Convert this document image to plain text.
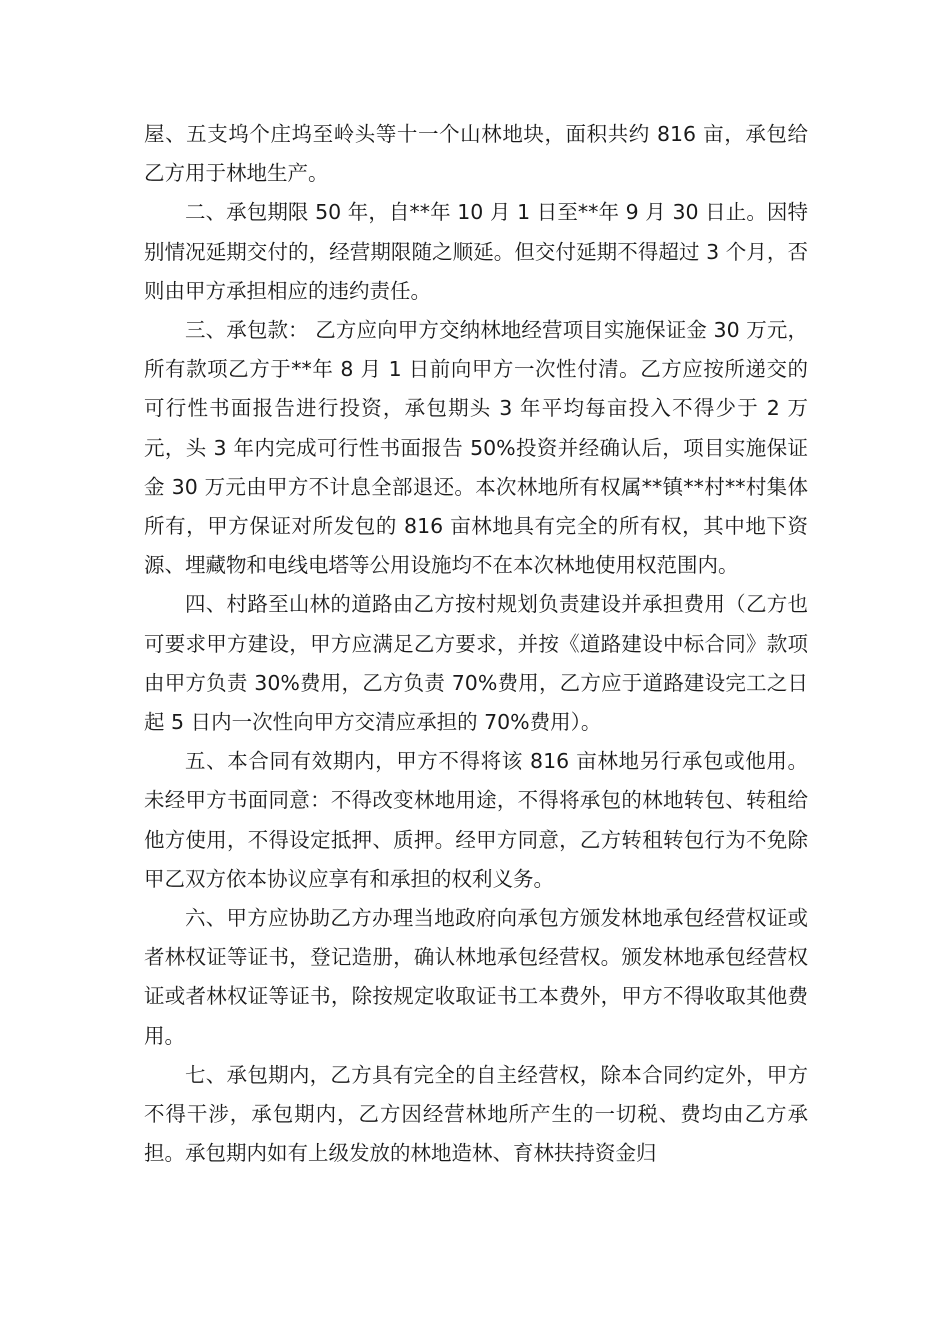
屋、五支坞个庄坞至岭头等十一个山林地块，面积共约 816 亩，承包给乙方用于林地生产。

二、承包期限 50 年，自**年 10 月 1 日至**年 9 月 30 日止。因特别情况延期交付的，经营期限随之顺延。但交付延期不得超过 3 个月，否则由甲方承担相应的违约责任。

三、承包款： 乙方应向甲方交纳林地经营项目实施保证金 30 万元，所有款项乙方于**年 8 月 1 日前向甲方一次性付清。乙方应按所递交的可行性书面报告进行投资，承包期头 3 年平均每亩投入不得少于 2 万元，头 3 年内完成可行性书面报告 50%投资并经确认后，项目实施保证金 30 万元由甲方不计息全部退还。本次林地所有权属**镇**村**村集体所有，甲方保证对所发包的 816 亩林地具有完全的所有权，其中地下资源、埋藏物和电线电塔等公用设施均不在本次林地使用权范围内。

四、村路至山林的道路由乙方按村规划负责建设并承担费用（乙方也可要求甲方建设，甲方应满足乙方要求，并按《道路建设中标合同》款项由甲方负责 30%费用，乙方负责 70%费用，乙方应于道路建设完工之日起 5 日内一次性向甲方交清应承担的 70%费用）。

五、本合同有效期内，甲方不得将该 816 亩林地另行承包或他用。未经甲方书面同意：不得改变林地用途，不得将承包的林地转包、转租给他方使用，不得设定抵押、质押。经甲方同意，乙方转租转包行为不免除甲乙双方依本协议应享有和承担的权利义务。

六、甲方应协助乙方办理当地政府向承包方颁发林地承包经营权证或者林权证等证书，登记造册，确认林地承包经营权。颁发林地承包经营权证或者林权证等证书，除按规定收取证书工本费外，甲方不得收取其他费用。

七、承包期内，乙方具有完全的自主经营权，除本合同约定外，甲方不得干涉，承包期内，乙方因经营林地所产生的一切税、费均由乙方承担。承包期内如有上级发放的林地造林、育林扶持资金归
